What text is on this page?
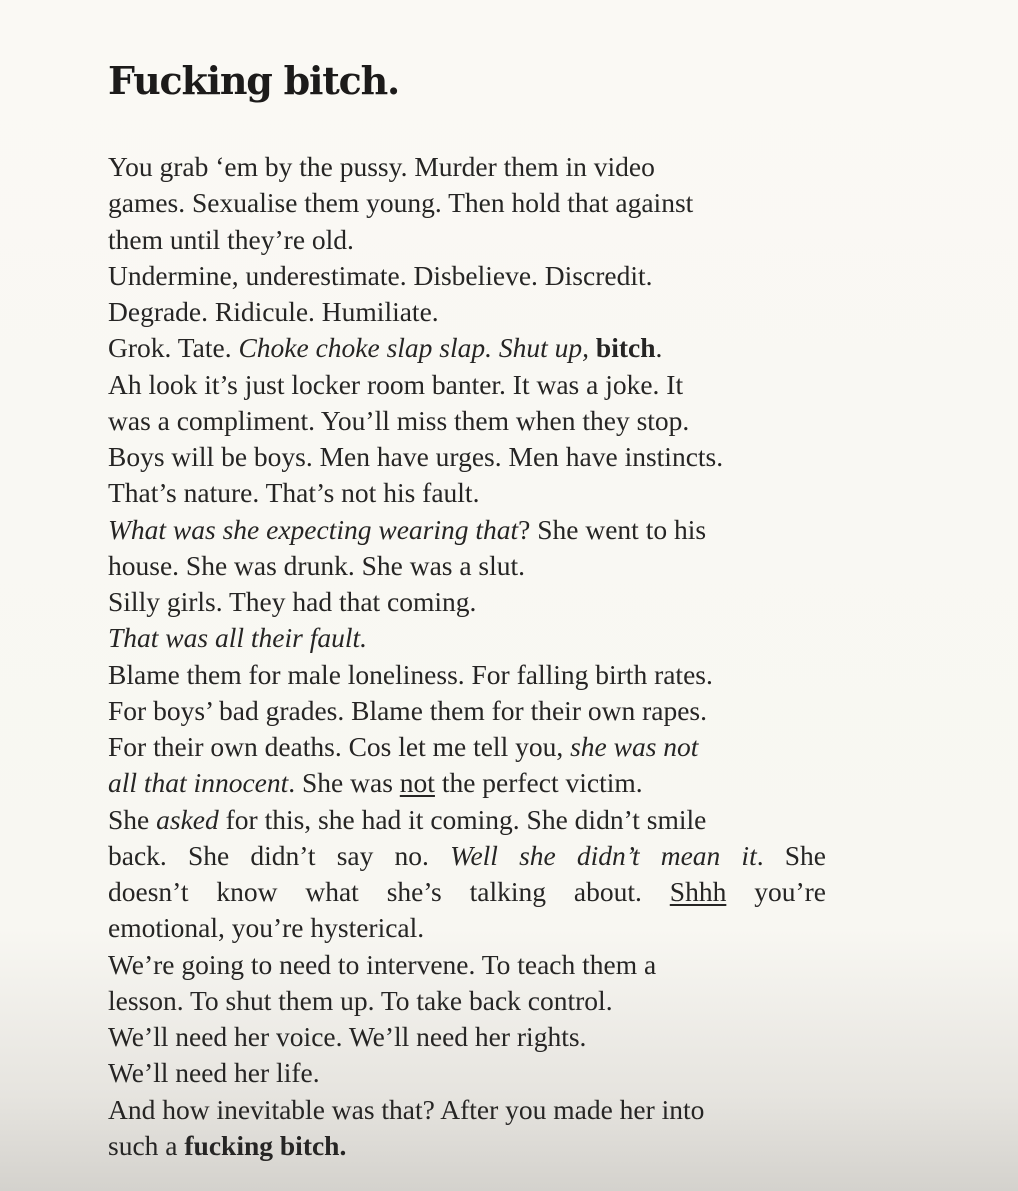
Fucking bitch.
You grab ‘em by the pussy. Murder them in video
games. Sexualise them young. Then hold that against
them until they’re old.
Undermine, underestimate. Disbelieve. Discredit.
Degrade. Ridicule. Humiliate.
Grok. Tate. Choke choke slap slap. Shut up, bitch.
Ah look it’s just locker room banter. It was a joke. It
was a compliment. You’ll miss them when they stop.
Boys will be boys. Men have urges. Men have instincts.
That’s nature. That’s not his fault.
What was she expecting wearing that? She went to his
house. She was drunk. She was a slut.
Silly girls. They had that coming.
That was all their fault.
Blame them for male loneliness. For falling birth rates.
For boys’ bad grades. Blame them for their own rapes.
For their own deaths. Cos let me tell you, she was not
all that innocent. She was not the perfect victim.
She asked for this, she had it coming. She didn’t smile
back. She didn’t say no. Well she didn’t mean it. She
doesn’t know what she’s talking about. Shhh you’re
emotional, you’re hysterical.
We’re going to need to intervene. To teach them a
lesson. To shut them up. To take back control.
We’ll need her voice. We’ll need her rights.
We’ll need her life.
And how inevitable was that? After you made her into
such a fucking bitch.
